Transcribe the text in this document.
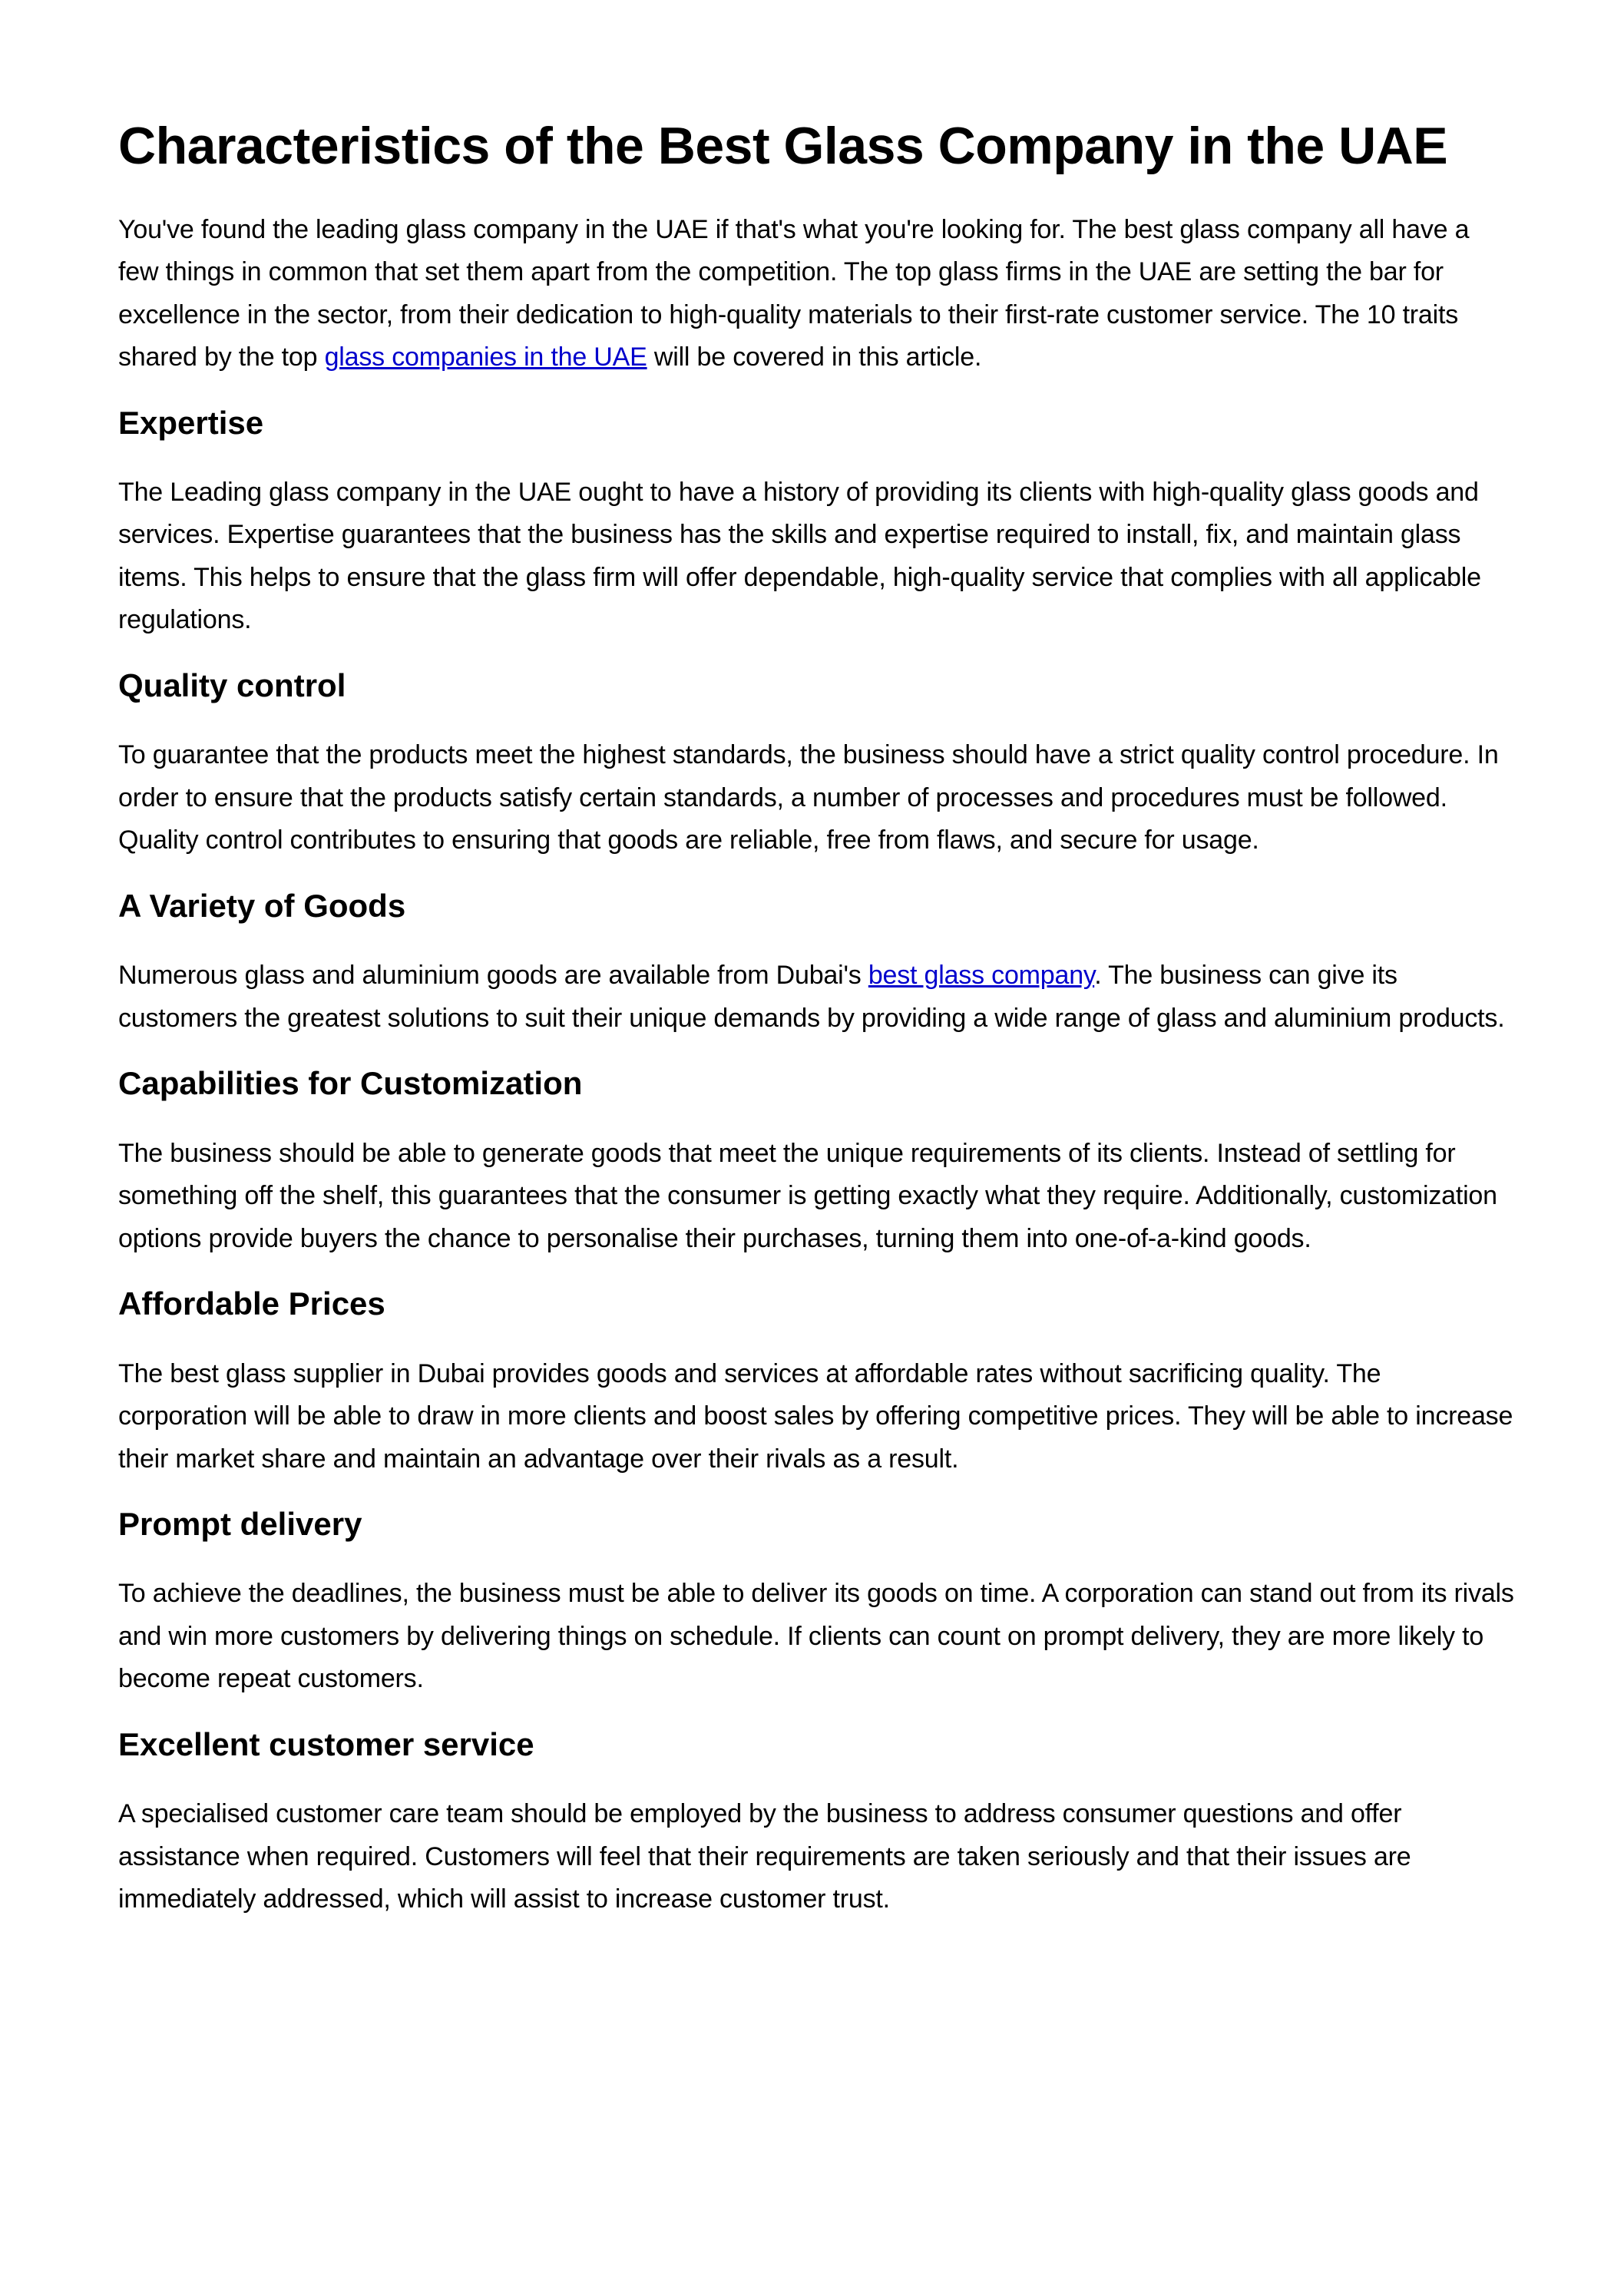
Characteristics of the Best Glass Company in the UAE

You've found the leading glass company in the UAE if that's what you're looking for. The best glass company all have a few things in common that set them apart from the competition. The top glass firms in the UAE are setting the bar for excellence in the sector, from their dedication to high-quality materials to their first-rate customer service. The 10 traits shared by the top glass companies in the UAE will be covered in this article.

Expertise

The Leading glass company in the UAE ought to have a history of providing its clients with high-quality glass goods and services. Expertise guarantees that the business has the skills and expertise required to install, fix, and maintain glass items. This helps to ensure that the glass firm will offer dependable, high-quality service that complies with all applicable regulations.

Quality control

To guarantee that the products meet the highest standards, the business should have a strict quality control procedure. In order to ensure that the products satisfy certain standards, a number of processes and procedures must be followed. Quality control contributes to ensuring that goods are reliable, free from flaws, and secure for usage.

A Variety of Goods

Numerous glass and aluminium goods are available from Dubai's best glass company. The business can give its customers the greatest solutions to suit their unique demands by providing a wide range of glass and aluminium products.

Capabilities for Customization

The business should be able to generate goods that meet the unique requirements of its clients. Instead of settling for something off the shelf, this guarantees that the consumer is getting exactly what they require. Additionally, customization options provide buyers the chance to personalise their purchases, turning them into one-of-a-kind goods.

Affordable Prices

The best glass supplier in Dubai provides goods and services at affordable rates without sacrificing quality. The corporation will be able to draw in more clients and boost sales by offering competitive prices. They will be able to increase their market share and maintain an advantage over their rivals as a result.

Prompt delivery

To achieve the deadlines, the business must be able to deliver its goods on time. A corporation can stand out from its rivals and win more customers by delivering things on schedule. If clients can count on prompt delivery, they are more likely to become repeat customers.

Excellent customer service

A specialised customer care team should be employed by the business to address consumer questions and offer assistance when required. Customers will feel that their requirements are taken seriously and that their issues are immediately addressed, which will assist to increase customer trust.
